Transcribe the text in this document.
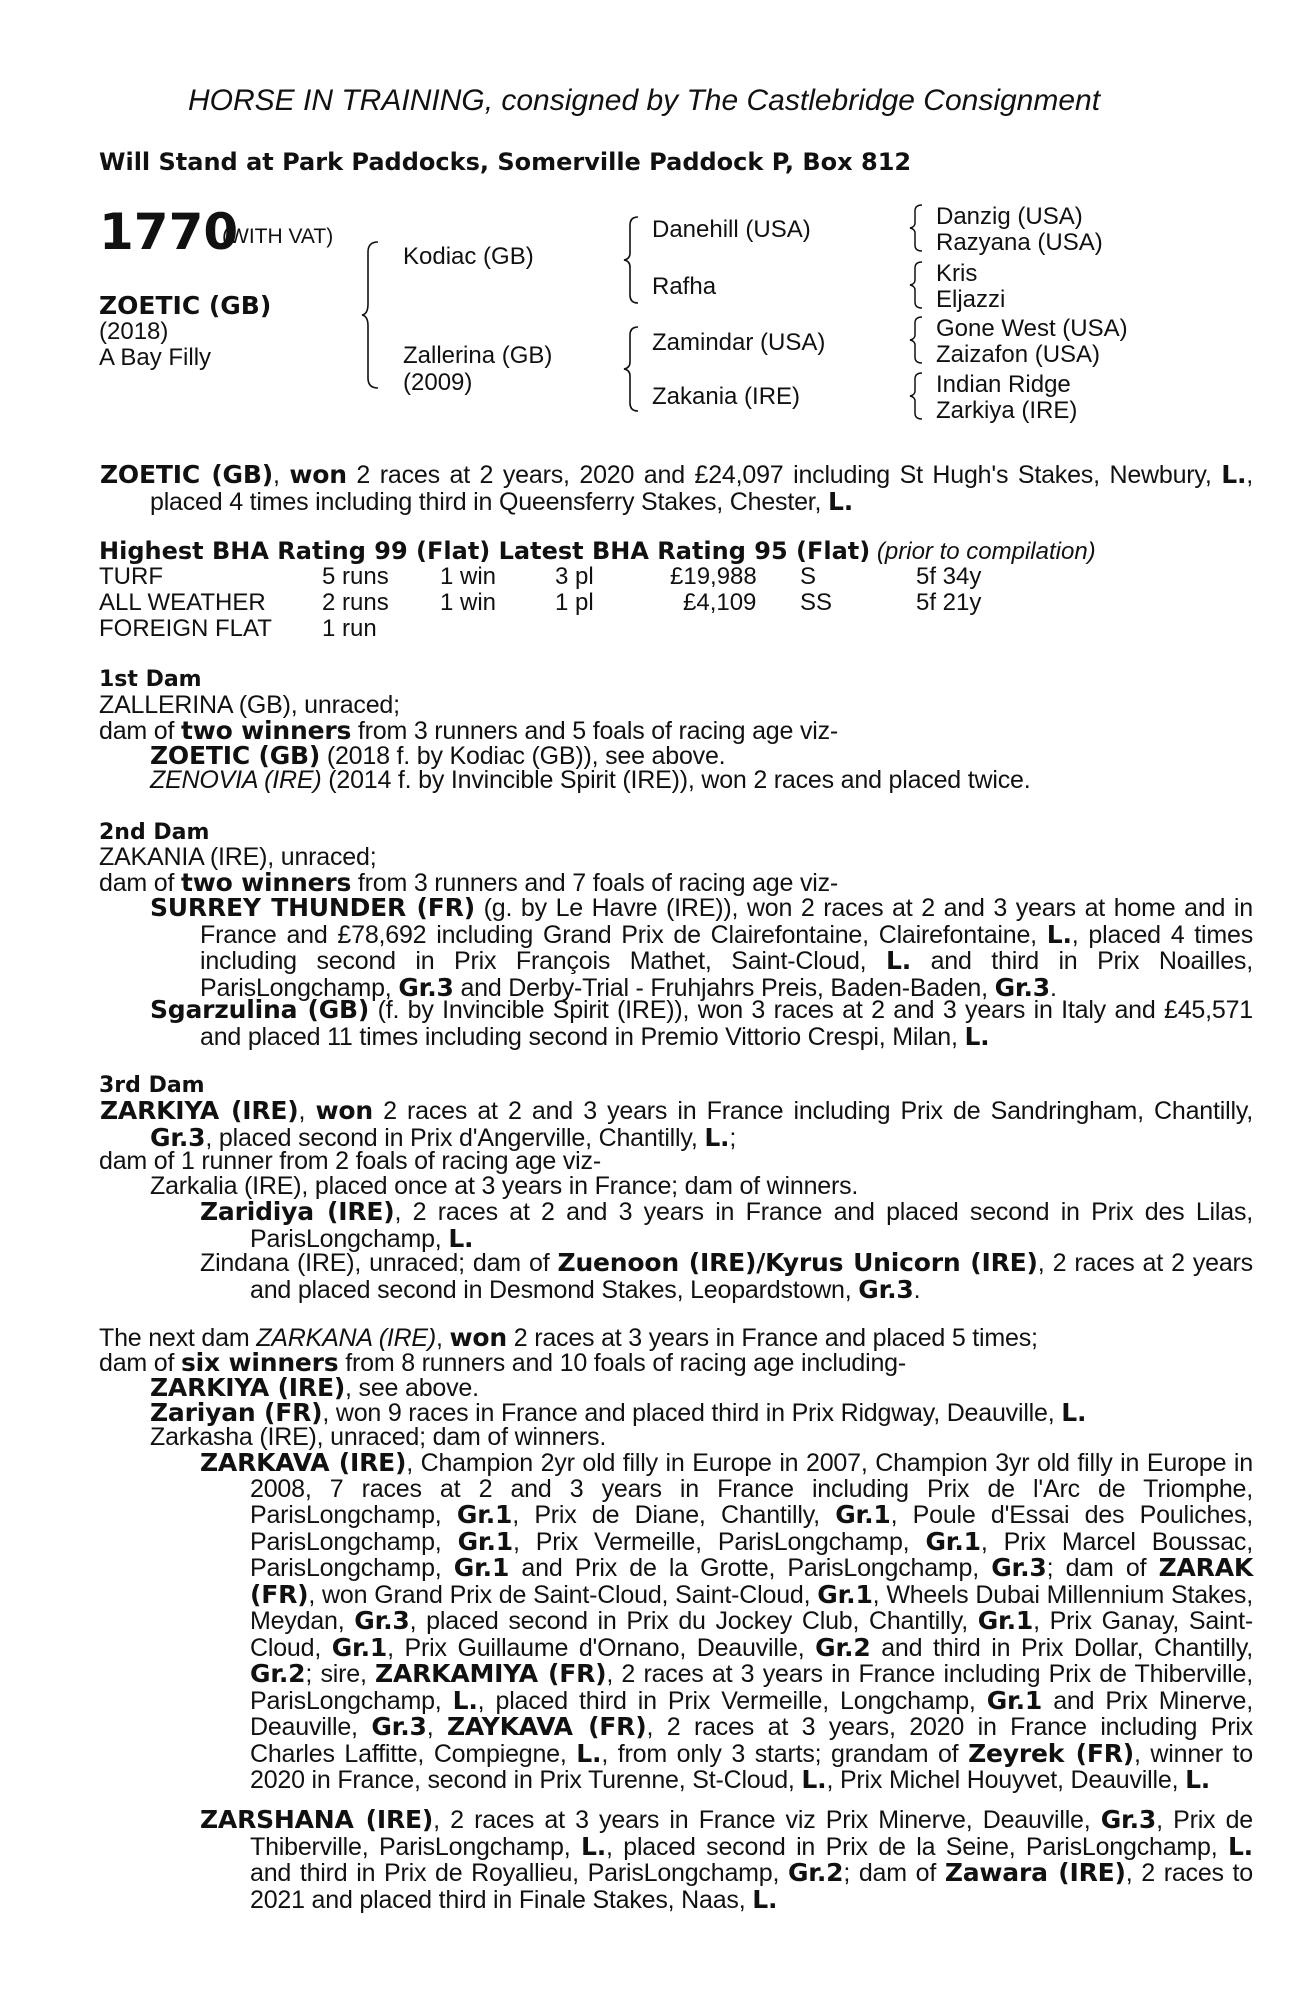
HORSE IN TRAINING, consigned by The Castlebridge Consignment
Will Stand at Park Paddocks, Somerville Paddock P, Box 812
1770
(WITH VAT)
ZOETIC (GB)
(2018)
A Bay Filly
Kodiac (GB)
Zallerina (GB)
(2009)
Danehill (USA)
Rafha
Zamindar (USA)
Zakania (IRE)
Danzig (USA)
Razyana (USA)
Kris
Eljazzi
Gone West (USA)
Zaizafon (USA)
Indian Ridge
Zarkiya (IRE)
ZOETIC (GB), won 2 races at 2 years, 2020 and £24,097 including St Hugh's Stakes, Newbury, L., placed 4 times including third in Queensferry Stakes, Chester, L.
Highest BHA Rating 99 (Flat) Latest BHA Rating 95 (Flat) (prior to compilation)
TURF	5 runs 1 win 3 pl	£19,988 S	5f 34y
ALL WEATHER 2 runs 1 win 1 pl	£4,109 SS	5f 21y
FOREIGN FLAT 1 run
1st Dam
ZALLERINA (GB), unraced;
dam of two winners from 3 runners and 5 foals of racing age viz-
ZOETIC (GB) (2018 f. by Kodiac (GB)), see above.
ZENOVIA (IRE) (2014 f. by Invincible Spirit (IRE)), won 2 races and placed twice.
2nd Dam
ZAKANIA (IRE), unraced;
dam of two winners from 3 runners and 7 foals of racing age viz-
SURREY THUNDER (FR) (g. by Le Havre (IRE)), won 2 races at 2 and 3 years at home and in France and £78,692 including Grand Prix de Clairefontaine, Clairefontaine, L., placed 4 times including second in Prix François Mathet, Saint-Cloud, L. and third in Prix Noailles, ParisLongchamp, Gr.3 and Derby-Trial - Fruhjahrs Preis, Baden-Baden, Gr.3.
Sgarzulina (GB) (f. by Invincible Spirit (IRE)), won 3 races at 2 and 3 years in Italy and £45,571 and placed 11 times including second in Premio Vittorio Crespi, Milan, L.
3rd Dam
ZARKIYA (IRE), won 2 races at 2 and 3 years in France including Prix de Sandringham, Chantilly, Gr.3, placed second in Prix d'Angerville, Chantilly, L.;
dam of 1 runner from 2 foals of racing age viz-
Zarkalia (IRE), placed once at 3 years in France; dam of winners.
Zaridiya (IRE), 2 races at 2 and 3 years in France and placed second in Prix des Lilas, ParisLongchamp, L.
Zindana (IRE), unraced; dam of Zuenoon (IRE)/Kyrus Unicorn (IRE), 2 races at 2 years and placed second in Desmond Stakes, Leopardstown, Gr.3.
The next dam ZARKANA (IRE), won 2 races at 3 years in France and placed 5 times;
dam of six winners from 8 runners and 10 foals of racing age including-
ZARKIYA (IRE), see above.
Zariyan (FR), won 9 races in France and placed third in Prix Ridgway, Deauville, L.
Zarkasha (IRE), unraced; dam of winners.
ZARKAVA (IRE), Champion 2yr old filly in Europe in 2007, Champion 3yr old filly in Europe in 2008, 7 races at 2 and 3 years in France including Prix de l'Arc de Triomphe, ParisLongchamp, Gr.1, Prix de Diane, Chantilly, Gr.1, Poule d'Essai des Pouliches, ParisLongchamp, Gr.1, Prix Vermeille, ParisLongchamp, Gr.1, Prix Marcel Boussac, ParisLongchamp, Gr.1 and Prix de la Grotte, ParisLongchamp, Gr.3; dam of ZARAK (FR), won Grand Prix de Saint-Cloud, Saint-Cloud, Gr.1, Wheels Dubai Millennium Stakes, Meydan, Gr.3, placed second in Prix du Jockey Club, Chantilly, Gr.1, Prix Ganay, Saint-Cloud, Gr.1, Prix Guillaume d'Ornano, Deauville, Gr.2 and third in Prix Dollar, Chantilly, Gr.2; sire, ZARKAMIYA (FR), 2 races at 3 years in France including Prix de Thiberville, ParisLongchamp, L., placed third in Prix Vermeille, Longchamp, Gr.1 and Prix Minerve, Deauville, Gr.3, ZAYKAVA (FR), 2 races at 3 years, 2020 in France including Prix Charles Laffitte, Compiegne, L., from only 3 starts; grandam of Zeyrek (FR), winner to 2020 in France, second in Prix Turenne, St-Cloud, L., Prix Michel Houyvet, Deauville, L.
ZARSHANA (IRE), 2 races at 3 years in France viz Prix Minerve, Deauville, Gr.3, Prix de Thiberville, ParisLongchamp, L., placed second in Prix de la Seine, ParisLongchamp, L. and third in Prix de Royallieu, ParisLongchamp, Gr.2; dam of Zawara (IRE), 2 races to 2021 and placed third in Finale Stakes, Naas, L.
